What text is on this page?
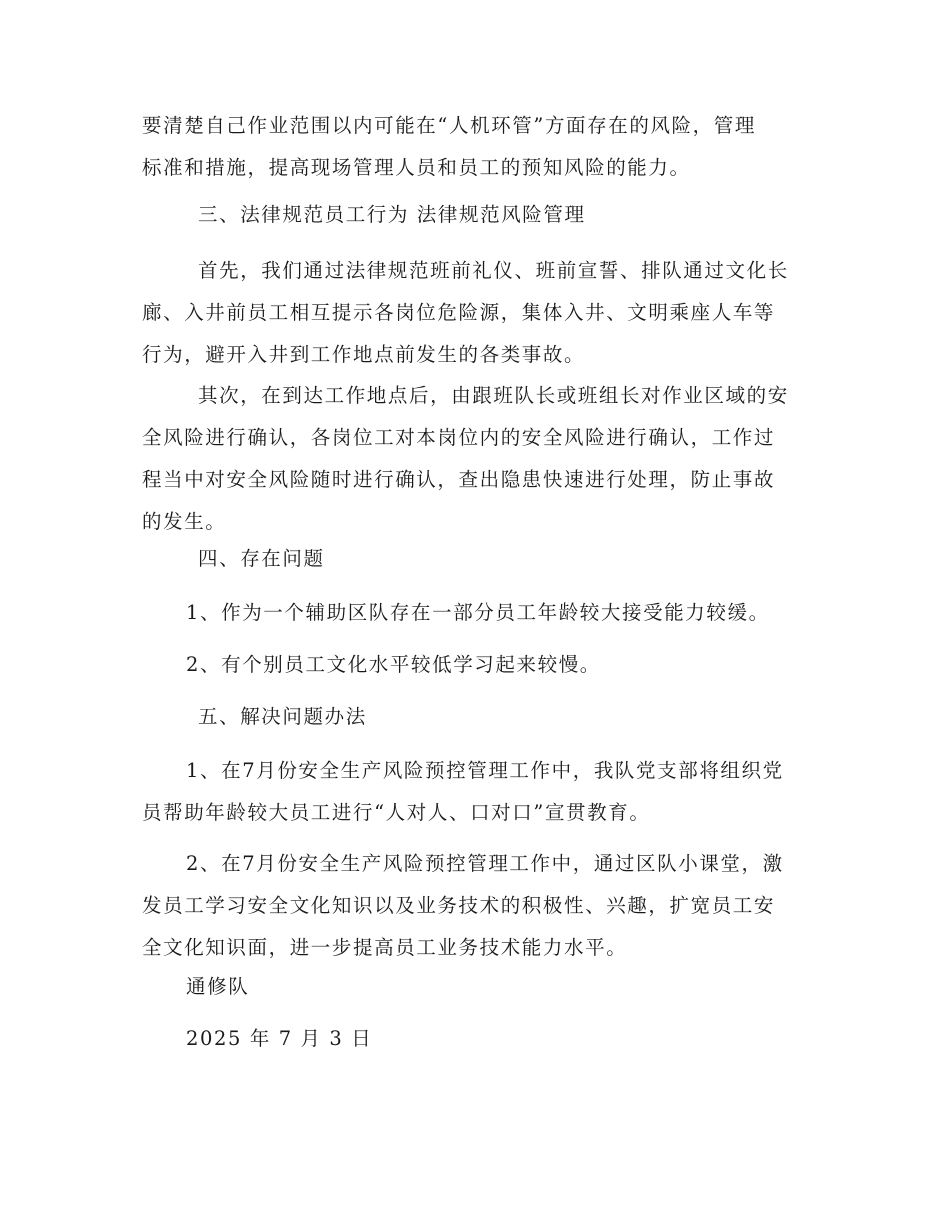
要清楚自己作业范围以内可能在“人机环管”方面存在的风险，管理
标准和措施，提高现场管理人员和员工的预知风险的能力。

三、法律规范员工行为 法律规范风险管理

首先，我们通过法律规范班前礼仪、班前宣誓、排队通过文化长
廊、入井前员工相互提示各岗位危险源，集体入井、文明乘座人车等
行为，避开入井到工作地点前发生的各类事故。

其次，在到达工作地点后，由跟班队长或班组长对作业区域的安
全风险进行确认，各岗位工对本岗位内的安全风险进行确认，工作过
程当中对安全风险随时进行确认，查出隐患快速进行处理，防止事故
的发生。

四、存在问题
1、作为一个辅助区队存在一部分员工年龄较大接受能力较缓。
2、有个别员工文化水平较低学习起来较慢。
五、解决问题办法

1、在7月份安全生产风险预控管理工作中，我队党支部将组织党
员帮助年龄较大员工进行“人对人、口对口”宣贯教育。

2、在7月份安全生产风险预控管理工作中，通过区队小课堂，激
发员工学习安全文化知识以及业务技术的积极性、兴趣，扩宽员工安
全文化知识面，进一步提高员工业务技术能力水平。

通修队
2025 年 7 月 3 日
